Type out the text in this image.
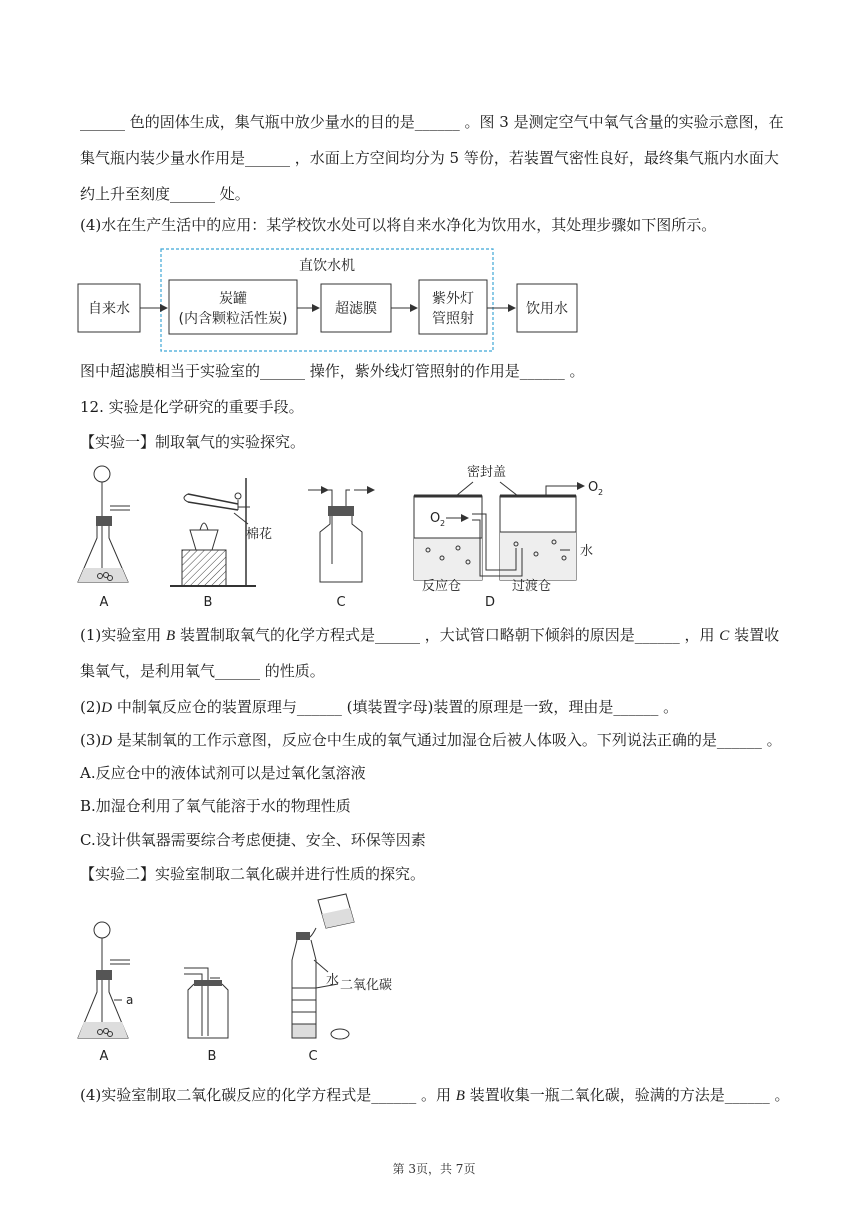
______ 色的固体生成，集气瓶中放少量水的目的是______ 。图 3 是测定空气中氧气含量的实验示意图，在
集气瓶内装少量水作用是______ ，水面上方空间均分为 5 等份，若装置气密性良好，最终集气瓶内水面大
约上升至刻度______ 处。
(4)水在生产生活中的应用：某学校饮水处可以将自来水净化为饮用水，其处理步骤如下图所示。
直饮水机
自来水
炭罐
(内含颗粒活性炭)
超滤膜
紫外灯
管照射
饮用水
图中超滤膜相当于实验室的______ 操作，紫外线灯管照射的作用是______ 。
12. 实验是化学研究的重要手段。
【实验一】制取氧气的实验探究。
A
棉花
B	C
密封盖
O 2
O 2
水
反应仓	过渡仓
D
(1)实验室用 B 装置制取氧气的化学方程式是______ ，大试管口略朝下倾斜的原因是______ ，用 C 装置收
集氧气，是利用氧气______ 的性质。
(2)D 中制氧反应仓的装置原理与______ (填装置字母)装置的原理是一致，理由是______ 。
(3)D 是某制氧的工作示意图，反应仓中生成的氧气通过加湿仓后被人体吸入。下列说法正确的是______ 。
A.反应仓中的液体试剂可以是过氧化氢溶液
B.加湿仓利用了氧气能溶于水的物理性质
C.设计供氧器需要综合考虑便捷、安全、环保等因素
【实验二】实验室制取二氧化碳并进行性质的探究。
a
A	B
水 二氧化碳
C
(4)实验室制取二氧化碳反应的化学方程式是______ 。用 B 装置收集一瓶二氧化碳，验满的方法是______ 。
第 3页，共 7页
